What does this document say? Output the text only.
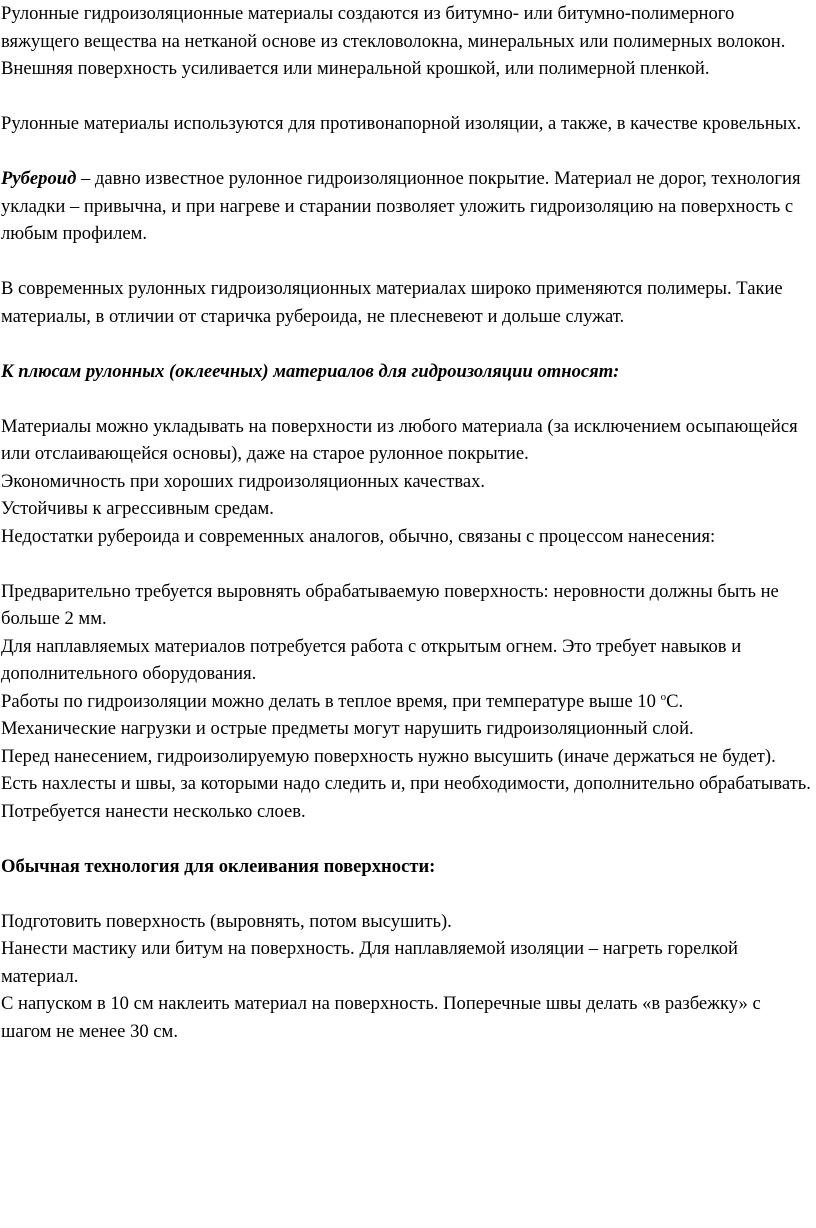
Рулонные гидроизоляционные материалы создаются из битумно- или битумно-полимерного вяжущего вещества на нетканой основе из стекловолокна, минеральных или полимерных волокон. Внешняя поверхность усиливается или минеральной крошкой, или полимерной пленкой.

Рулонные материалы используются для противонапорной изоляции, а также, в качестве кровельных.

Рубероид – давно известное рулонное гидроизоляционное покрытие. Материал не дорог, технология укладки – привычна, и при нагреве и старании позволяет уложить гидроизоляцию на поверхность с любым профилем.

В современных рулонных гидроизоляционных материалах широко применяются полимеры. Такие материалы, в отличии от старичка рубероида, не плесневеют и дольше служат.

К плюсам рулонных (оклеечных) материалов для гидроизоляции относят:

Материалы можно укладывать на поверхности из любого материала (за исключением осыпающейся или отслаивающейся основы), даже на старое рулонное покрытие.

Экономичность при хороших гидроизоляционных качествах.

Устойчивы к агрессивным средам.

Недостатки рубероида и современных аналогов, обычно, связаны с процессом нанесения:

Предварительно требуется выровнять обрабатываемую поверхность: неровности должны быть не больше 2 мм.

Для наплавляемых материалов потребуется работа с открытым огнем. Это требует навыков и дополнительного оборудования.

Работы по гидроизоляции можно делать в теплое время, при температуре выше 10 $^о$С.

Механические нагрузки и острые предметы могут нарушить гидроизоляционный слой.

Перед нанесением, гидроизолируемую поверхность нужно высушить (иначе держаться не будет).

Есть нахлесты и швы, за которыми надо следить и, при необходимости, дополнительно обрабатывать.

Потребуется нанести несколько слоев.

Обычная технология для оклеивания поверхности:

Подготовить поверхность (выровнять, потом высушить).

Нанести мастику или битум на поверхность. Для наплавляемой изоляции – нагреть горелкой материал.

С напуском в 10 см наклеить материал на поверхность. Поперечные швы делать «в разбежку» с шагом не менее 30 см.
